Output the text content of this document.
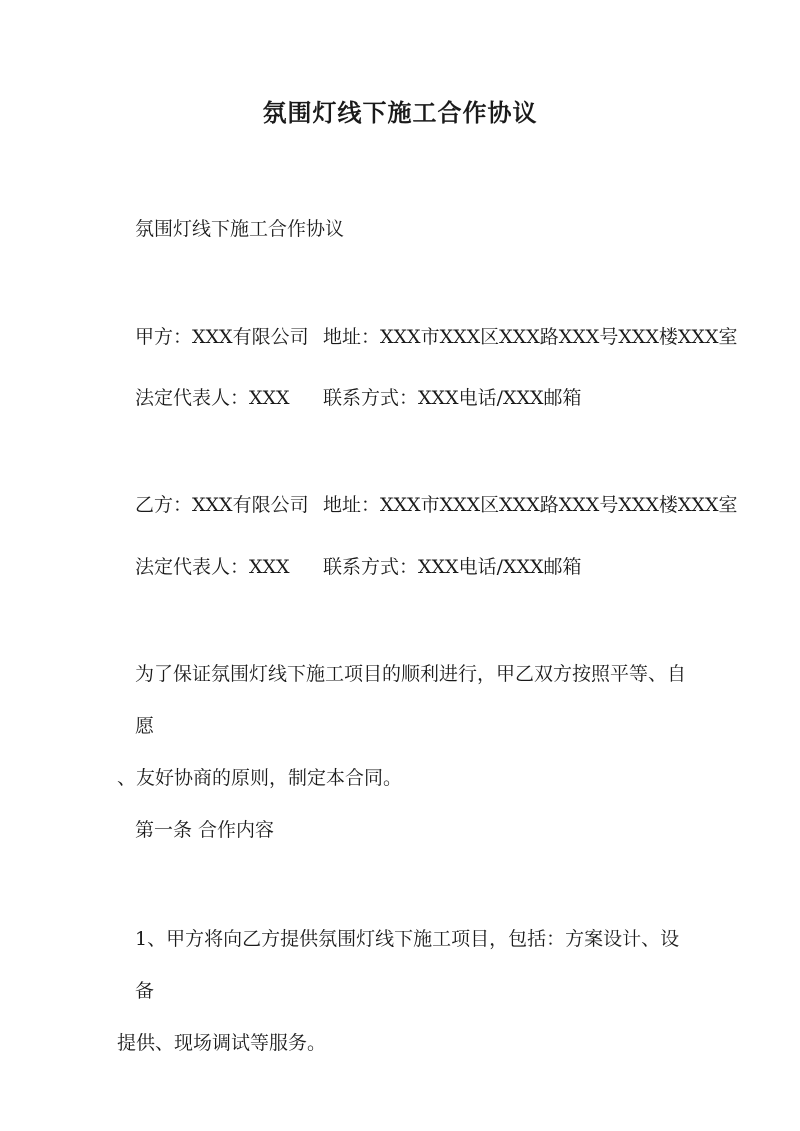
氛围灯线下施工合作协议
氛围灯线下施工合作协议
甲方：XXX有限公司 地址：XXX市XXX区XXX路XXX号XXX楼XXX室
法定代表人：XXX 联系方式：XXX电话/XXX邮箱
乙方：XXX有限公司 地址：XXX市XXX区XXX路XXX号XXX楼XXX室
法定代表人：XXX 联系方式：XXX电话/XXX邮箱
为了保证氛围灯线下施工项目的顺利进行，甲乙双方按照平等、自愿
、友好协商的原则，制定本合同。
第一条 合作内容
1、甲方将向乙方提供氛围灯线下施工项目，包括：方案设计、设备
提供、现场调试等服务。
